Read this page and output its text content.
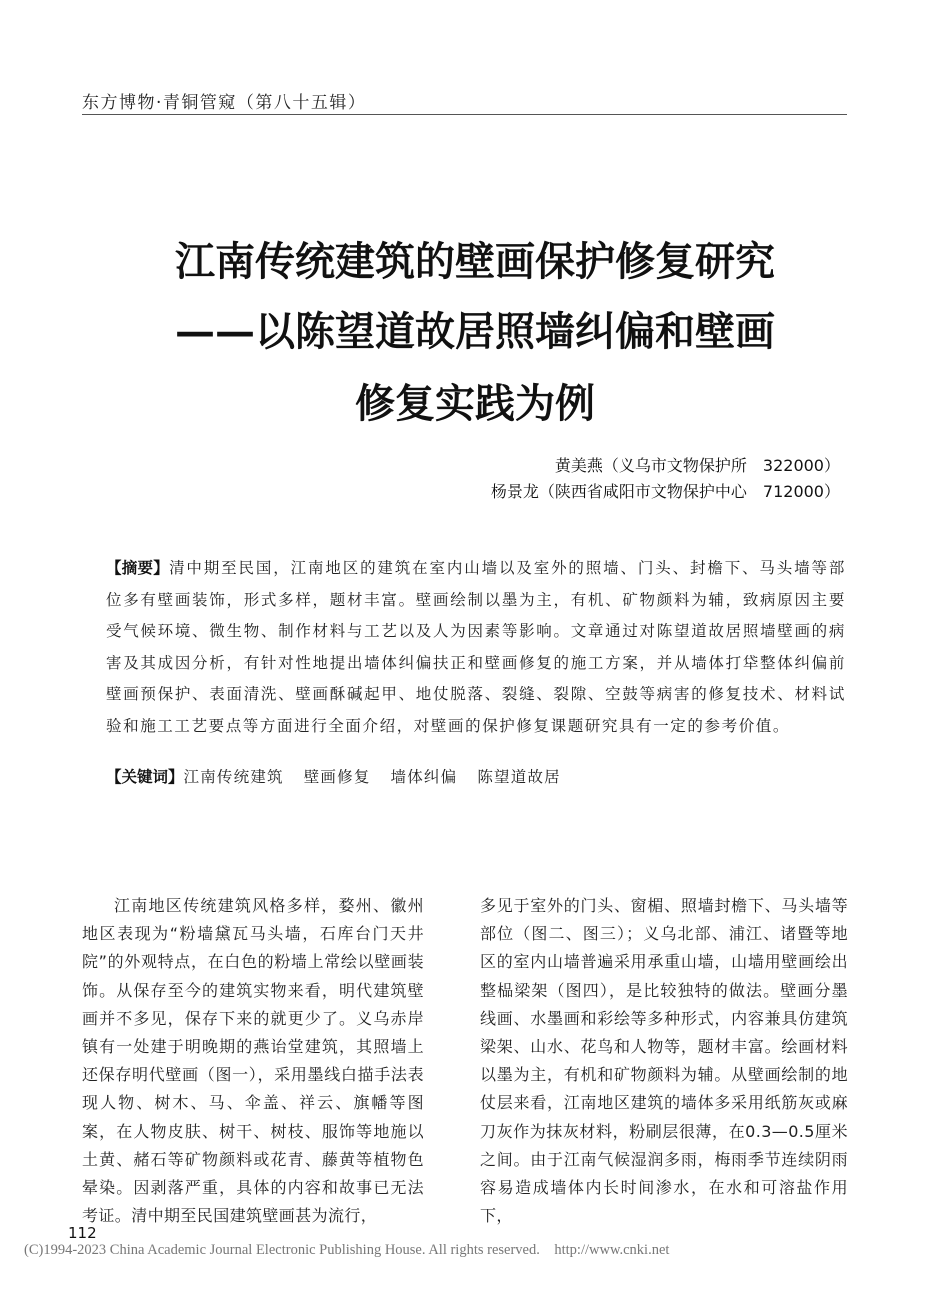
东方博物·青铜管窥（第八十五辑）
江南传统建筑的壁画保护修复研究
——以陈望道故居照墙纠偏和壁画
修复实践为例
黄美燕（义乌市文物保护所　322000）
杨景龙（陕西省咸阳市文物保护中心　712000）
【摘要】清中期至民国，江南地区的建筑在室内山墙以及室外的照墙、门头、封檐下、马头墙等部位多有壁画装饰，形式多样，题材丰富。壁画绘制以墨为主，有机、矿物颜料为辅，致病原因主要受气候环境、微生物、制作材料与工艺以及人为因素等影响。文章通过对陈望道故居照墙壁画的病害及其成因分析，有针对性地提出墙体纠偏扶正和壁画修复的施工方案，并从墙体打牮整体纠偏前壁画预保护、表面清洗、壁画酥碱起甲、地仗脱落、裂缝、裂隙、空鼓等病害的修复技术、材料试验和施工工艺要点等方面进行全面介绍，对壁画的保护修复课题研究具有一定的参考价值。
【关键词】江南传统建筑 壁画修复 墙体纠偏 陈望道故居
江南地区传统建筑风格多样，婺州、徽州地区表现为“粉墙黛瓦马头墙，石库台门天井院”的外观特点，在白色的粉墙上常绘以壁画装饰。从保存至今的建筑实物来看，明代建筑壁画并不多见，保存下来的就更少了。义乌赤岸镇有一处建于明晚期的燕诒堂建筑，其照墙上还保存明代壁画（图一），采用墨线白描手法表现人物、树木、马、伞盖、祥云、旗幡等图案，在人物皮肤、树干、树枝、服饰等地施以土黄、赭石等矿物颜料或花青、藤黄等植物色晕染。因剥落严重，具体的内容和故事已无法考证。清中期至民国建筑壁画甚为流行，
多见于室外的门头、窗楣、照墙封檐下、马头墙等部位（图二、图三）；义乌北部、浦江、诸暨等地区的室内山墙普遍采用承重山墙，山墙用壁画绘出整榀梁架（图四），是比较独特的做法。壁画分墨线画、水墨画和彩绘等多种形式，内容兼具仿建筑梁架、山水、花鸟和人物等，题材丰富。绘画材料以墨为主，有机和矿物颜料为辅。从壁画绘制的地仗层来看，江南地区建筑的墙体多采用纸筋灰或麻刀灰作为抹灰材料，粉刷层很薄，在0.3—0.5厘米之间。由于江南气候湿润多雨，梅雨季节连续阴雨容易造成墙体内长时间渗水，在水和可溶盐作用下，
112
(C)1994-2023 China Academic Journal Electronic Publishing House. All rights reserved.    http://www.cnki.net
